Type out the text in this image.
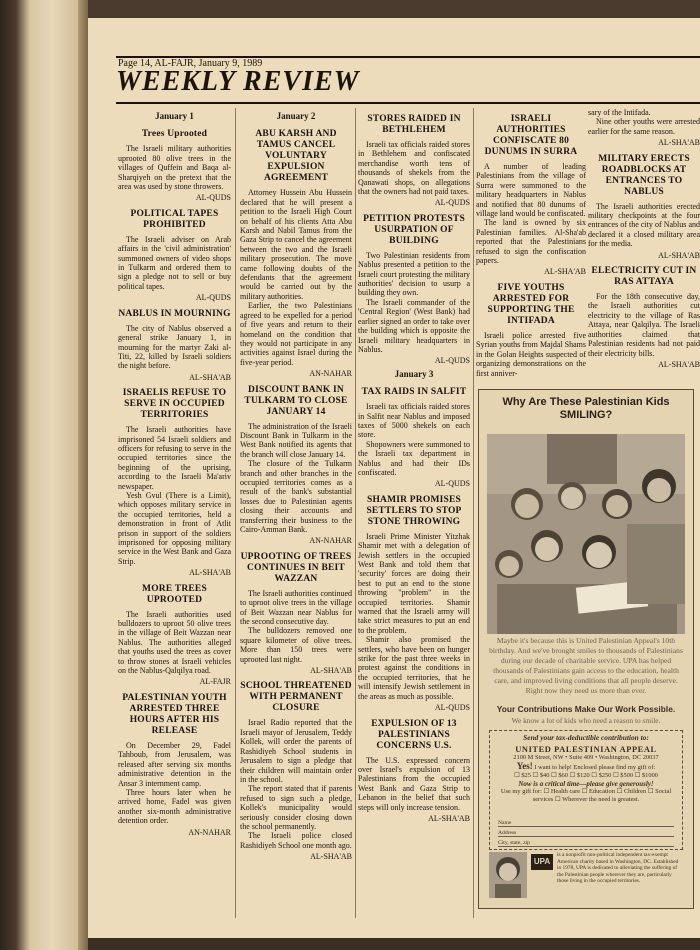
Page 14, AL-FAJR, January 9, 1989
WEEKLY REVIEW
January 1
Trees Uprooted

The Israeli military authorities uprooted 80 olive trees in the villages of Quffein and Baqa al-Sharqiyeh on the pretext that the area was used by stone throwers.

AL-QUDS
POLITICAL TAPES PROHIBITED

The Israeli adviser on Arab affairs in the 'civil administration' summoned owners of video shops in Tulkarm and ordered them to sign a pledge not to sell or buy political tapes.

AL-QUDS
NABLUS IN MOURNING

The city of Nablus observed a general strike January 1, in mourning for the martyr Zaki al-Titi, 22, killed by Israeli soldiers the night before.

AL-SHA'AB
ISRAELIS REFUSE TO SERVE IN OCCUPIED TERRITORIES

The Israeli authorities have imprisoned 54 Israeli soldiers and officers for refusing to serve in the occupied territories since the beginning of the uprising, according to the Israeli Ma'ariv newspaper.

Yesh Gvul (There is a Limit), which opposes military service in the occupied territories, held a demonstration in front of Atlit prison in support of the soldiers imprisoned for opposing military service in the West Bank and Gaza Strip.

AL-SHA'AB
MORE TREES UPROOTED

The Israeli authorities used bulldozers to uproot 50 olive trees in the village of Beit Wazzan near Nablus. The authorities alleged that youths used the trees as cover to throw stones at Israeli vehicles on the Nablus-Qalqilya road.

AL-FAJR
PALESTINIAN YOUTH ARRESTED THREE HOURS AFTER HIS RELEASE

On December 29, Fadel Tahboub, from Jerusalem, was released after serving six months administrative detention in the Ansar 3 internment camp.

Three hours later when he arrived home, Fadel was given another six-month administrative detention order.

AN-NAHAR
January 2
ABU KARSH AND TAMUS CANCEL VOLUNTARY EXPULSION AGREEMENT

Attorney Hussein Abu Hussein declared that he will present a petition to the Israeli High Court on behalf of his clients Atta Abu Karsh and Nabil Tamus from the Gaza Strip to cancel the agreement between the two and the Israeli military prosecution. The move came following doubts of the defendants that the agreement would be carried out by the military authorities.

Earlier, the two Palestinians agreed to be expelled for a period of five years and return to their homeland on the condition that they would not participate in any activities against Israel during the five-year period.

AN-NAHAR
DISCOUNT BANK IN TULKARM TO CLOSE JANUARY 14

The administration of the Israeli Discount Bank in Tulkarm in the West Bank notified its agents that the branch will close January 14.

The closure of the Tulkarm branch and other branches in the occupied territories comes as a result of the bank's substantial losses due to Palestinian agents closing their accounts and transferring their business to the Cairo-Amman Bank.

AN-NAHAR
UPROOTING OF TREES CONTINUES IN BEIT WAZZAN

The Israeli authorities continued to uproot olive trees in the village of Beit Wazzan near Nablus for the second consecutive day.

The bulldozers removed one square kilometer of olive trees. More than 150 trees were uprooted last night.

AL-SHA'AB
SCHOOL THREATENED WITH PERMANENT CLOSURE

Israel Radio reported that the Israeli mayor of Jerusalem, Teddy Kollek, will order the parents of Rashidiyeh School students in Jerusalem to sign a pledge that their children will maintain order in the school.

The report stated that if parents refused to sign such a pledge, Kollek's municipality would seriously consider closing down the school permanently.

The Israeli police closed Rashidiyeh School one month ago.

AL-SHA'AB
STORES RAIDED IN BETHLEHEM

Israeli tax officials raided stores in Bethlehem and confiscated merchandise worth tens of thousands of shekels from the Qanawati shops, on allegations that the owners had not paid taxes.

AL-QUDS
PETITION PROTESTS USURPATION OF BUILDING

Two Palestinian residents from Nablus presented a petition to the Israeli court protesting the military authorities' decision to usurp a building they own.

The Israeli commander of the 'Central Region' (West Bank) had earlier signed an order to take over the building which is opposite the Israeli military headquarters in Nablus.

AL-QUDS
January 3
TAX RAIDS IN SALFIT

Israeli tax officials raided stores in Salfit near Nablus and imposed taxes of 5000 shekels on each store.

Shopowners were summoned to the Israeli tax department in Nablus and had their IDs confiscated.

AL-QUDS
SHAMIR PROMISES SETTLERS TO STOP STONE THROWING

Israeli Prime Minister Yitzhak Shamir met with a delegation of Jewish settlers in the occupied West Bank and told them that 'security' forces are doing their best to put an end to the stone throwing "problem" in the occupied territories. Shamir warned that the Israeli army will take strict measures to put an end to the problem.

Shamir also promised the settlers, who have been on hunger strike for the past three weeks in protest against the conditions in the occupied territories, that he will intensify Jewish settlement in the areas as much as possible.

AL-QUDS
EXPULSION OF 13 PALESTINIANS CONCERNS U.S.

The U.S. expressed concern over Israel's expulsion of 13 Palestinians from the occupied West Bank and Gaza Strip to Lebanon in the belief that such steps will only increase tension.

AL-SHA'AB
ISRAELI AUTHORITIES CONFISCATE 80 DUNUMS IN SURRA

A number of leading Palestinians from the village of Surra were summoned to the military headquarters in Nablus and notified that 80 dunums of village land would be confiscated.

The land is owned by six Palestinian families. Al-Sha'ab reported that the Palestinians refused to sign the confiscation papers.

AL-SHA'AB
FIVE YOUTHS ARRESTED FOR SUPPORTING THE INTIFADA

Israeli police arrested five Syrian youths from Majdal Shams in the Golan Heights suspected of organizing demonstrations on the first anniver-

sary of the Intifada.

Nine other youths were arrested earlier for the same reason.

AL-SHA'AB
MILITARY ERECTS ROADBLOCKS AT ENTRANCES TO NABLUS

The Israeli authorities erected military checkpoints at the four entrances of the city of Nablus and declared it a closed military area for the media.

AL-SHA'AB
ELECTRICITY CUT IN RAS ATTAYA

For the 18th consecutive day, the Israeli authorities cut electricity to the village of Ras Attaya, near Qalqilya. The Israeli authorities claimed that Palestinian residents had not paid their electricity bills.

AL-SHA'AB
Why Are These Palestinian Kids SMILING?
Maybe it's because this is United Palestinian Appeal's 10th birthday. And we've brought smiles to thousands of Palestinians during our decade of charitable service. UPA has helped thousands of Palestinians gain access to the education, health care, and improved living conditions that all people deserve. Right now they need us more than ever.
Your Contributions Make Our Work Possible.
We know a lot of kids who need a reason to smile.
Send your tax-deductible contribution to:
UNITED PALESTINIAN APPEAL
2100 M Street, NW • Suite 409 • Washington, DC 20037
Yes! I want to help! Enclosed please find my gift of:
☐ $25 ☐ $40 ☐ $60 ☐ $120 ☐ $250 ☐ $500 ☐ $1000
Now is a critical time—please give generously!
Use my gift for: ☐ Health care ☐ Education ☐ Children ☐ Social services ☐ Wherever the need is greatest.
Name
Address
City, state, zip
UPA
is a nonprofit non-political independent tax-exempt American charity based in Washington, DC. Established in 1978, UPA is dedicated to alleviating the suffering of the Palestinian people wherever they are, particularly those living in the occupied territories.
